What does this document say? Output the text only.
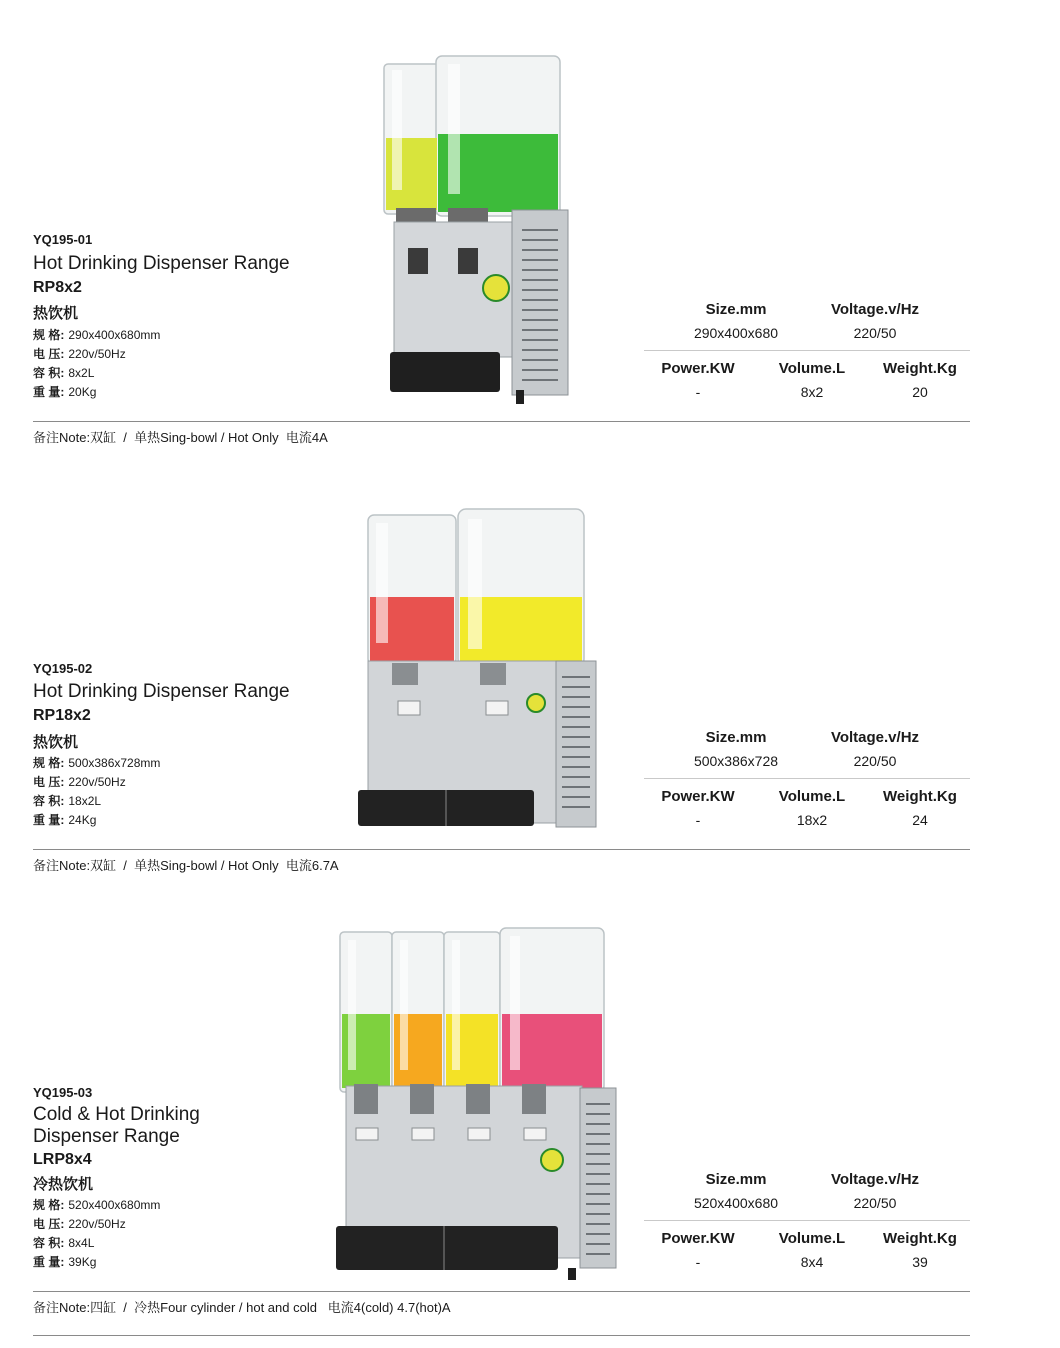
YQ195-01
Hot Drinking Dispenser Range
RP8x2
热饮机
规 格: 290x400x680mm
电 压: 220v/50Hz
容 积: 8x2L
重 量: 20Kg
Size.mm	Voltage.v/Hz
290x400x680	220/50
Power.KW	Volume.L	Weight.Kg
-	8x2	20
备注Note:双缸  /  单热Sing-bowl / Hot Only  电流4A
YQ195-02
Hot Drinking Dispenser Range
RP18x2
热饮机
规 格: 500x386x728mm
电 压: 220v/50Hz
容 积: 18x2L
重 量: 24Kg
Size.mm	Voltage.v/Hz
500x386x728	220/50
Power.KW	Volume.L	Weight.Kg
-	18x2	24
备注Note:双缸  /  单热Sing-bowl / Hot Only  电流6.7A
YQ195-03
Cold & Hot Drinking Dispenser Range
LRP8x4
冷热饮机
规 格: 520x400x680mm
电 压: 220v/50Hz
容 积: 8x4L
重 量: 39Kg
Size.mm	Voltage.v/Hz
520x400x680	220/50
Power.KW	Volume.L	Weight.Kg
-	8x4	39
备注Note:四缸  /  冷热Four cylinder / hot and cold   电流4(cold) 4.7(hot)A
